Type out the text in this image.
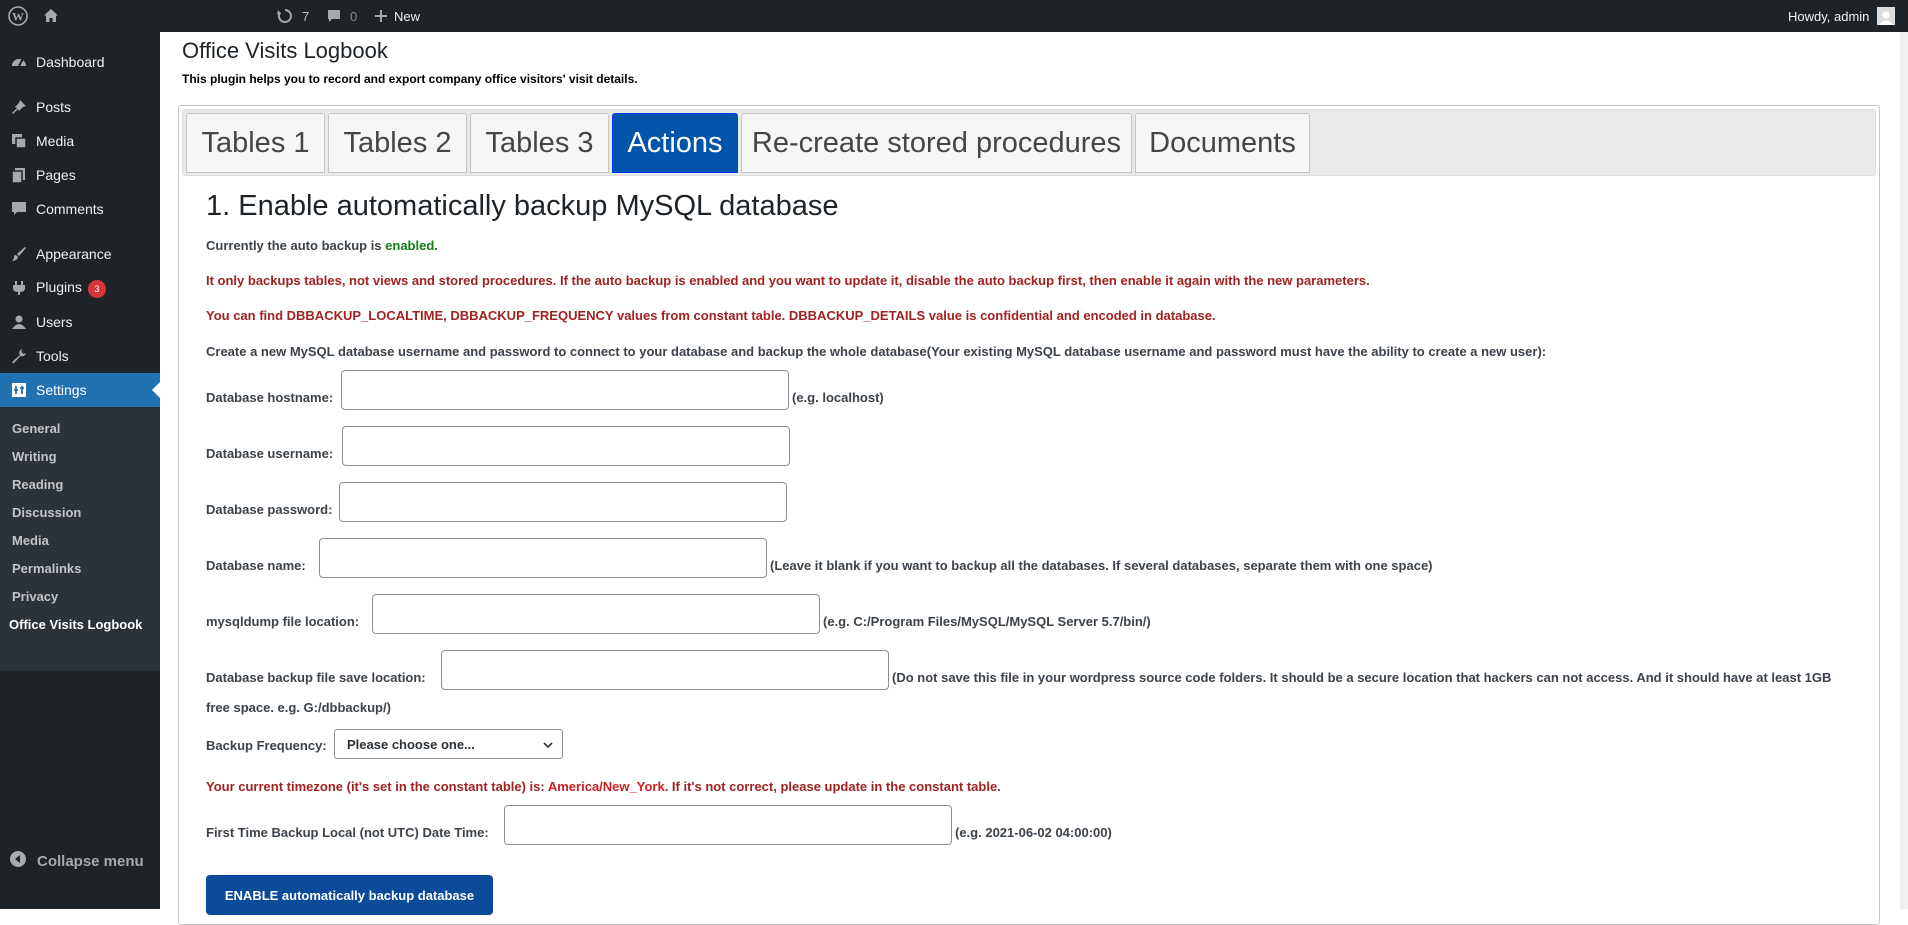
W	7	0	New	Howdy, admin
Dashboard
Posts
Media
Pages
Comments
Appearance
Plugins 3
Users
Tools
Settings
General
Writing
Reading
Discussion
Media
Permalinks
Privacy
Office Visits Logbook
Collapse menu
Office Visits Logbook
This plugin helps you to record and export company office visitors' visit details.
Tables 1	Tables 2	Tables 3	Actions	Re-create stored procedures Documents
1. Enable automatically backup MySQL database
Currently the auto backup is enabled.
It only backups tables, not views and stored procedures. If the auto backup is enabled and you want to update it, disable the auto backup first, then enable it again with the new parameters.
You can find DBBACKUP_LOCALTIME, DBBACKUP_FREQUENCY values from constant table. DBBACKUP_DETAILS value is confidential and encoded in database.
Create a new MySQL database username and password to connect to your database and backup the whole database(Your existing MySQL database username and password must have the ability to create a new user):
Database hostname:	(e.g. localhost)
Database username:
Database password:
Database name:	(Leave it blank if you want to backup all the databases. If several databases, separate them with one space)
mysqldump file location:	(e.g. C:/Program Files/MySQL/MySQL Server 5.7/bin/)
Database backup file save location:	(Do not save this file in your wordpress source code folders. It should be a secure location that hackers can not access. And it should have at least 1GB
free space. e.g. G:/dbbackup/)
Backup Frequency: Please choose one...
Your current timezone (it's set in the constant table) is: America/New_York. If it's not correct, please update in the constant table.
First Time Backup Local (not UTC) Date Time:	(e.g. 2021-06-02 04:00:00)
ENABLE automatically backup database
